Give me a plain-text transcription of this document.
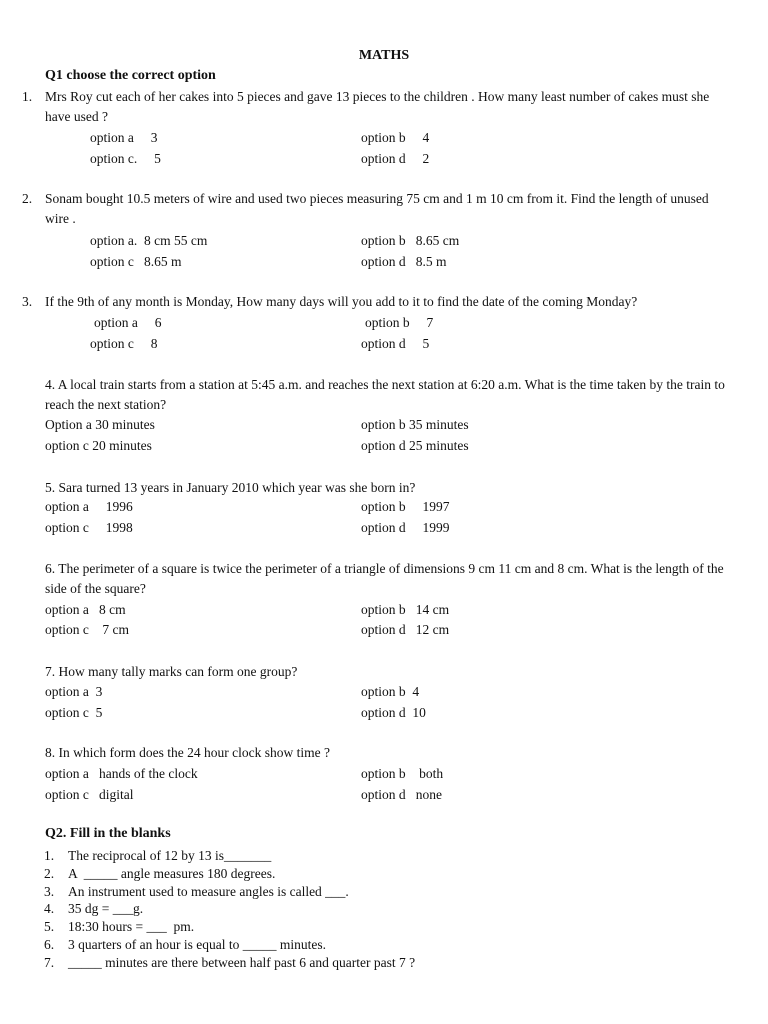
MATHS
Q1 choose the correct option
1. Mrs Roy cut each of her cakes into 5 pieces and gave 13 pieces to the children . How many least number of cakes must she have used ?
option a     3	option b     4
option c.     5	option d     2
2. Sonam bought 10.5 meters of wire and used two pieces measuring 75 cm and 1 m 10 cm from it. Find the length of unused wire .
option a.  8 cm 55 cm	option b   8.65 cm
option c   8.65 m	option d   8.5 m
3. If the 9th of any month is Monday, How many days will you add to it to find the date of the coming Monday?
option a     6	option b     7
option c     8	option d     5
4. A local train starts from a station at 5:45 a.m. and reaches the next station at 6:20 a.m. What is the time taken by the train to reach the next station?
Option a 30 minutes	option b 35 minutes
option c 20 minutes	option d 25 minutes
5. Sara turned 13 years in January 2010 which year was she born in?
option a     1996	option b     1997
option c     1998	option d     1999
6. The perimeter of a square is twice the perimeter of a triangle of dimensions 9 cm 11 cm and 8 cm. What is the length of the side of the square?
option a   8 cm	option b   14 cm
option c    7 cm	option d   12 cm
7. How many tally marks can form one group?
option a  3	option b  4
option c  5	option d  10
8. In which form does the 24 hour clock show time ?
option a   hands of the clock	option b    both
option c   digital	option d   none
Q2. Fill in the blanks
1. The reciprocal of 12 by 13 is_______
2. A  _____ angle measures 180 degrees.
3. An instrument used to measure angles is called ___.
4. 35 dg = ___g.
5. 18:30 hours = ___  pm.
6. 3 quarters of an hour is equal to _____ minutes.
7. _____ minutes are there between half past 6 and quarter past 7 ?
